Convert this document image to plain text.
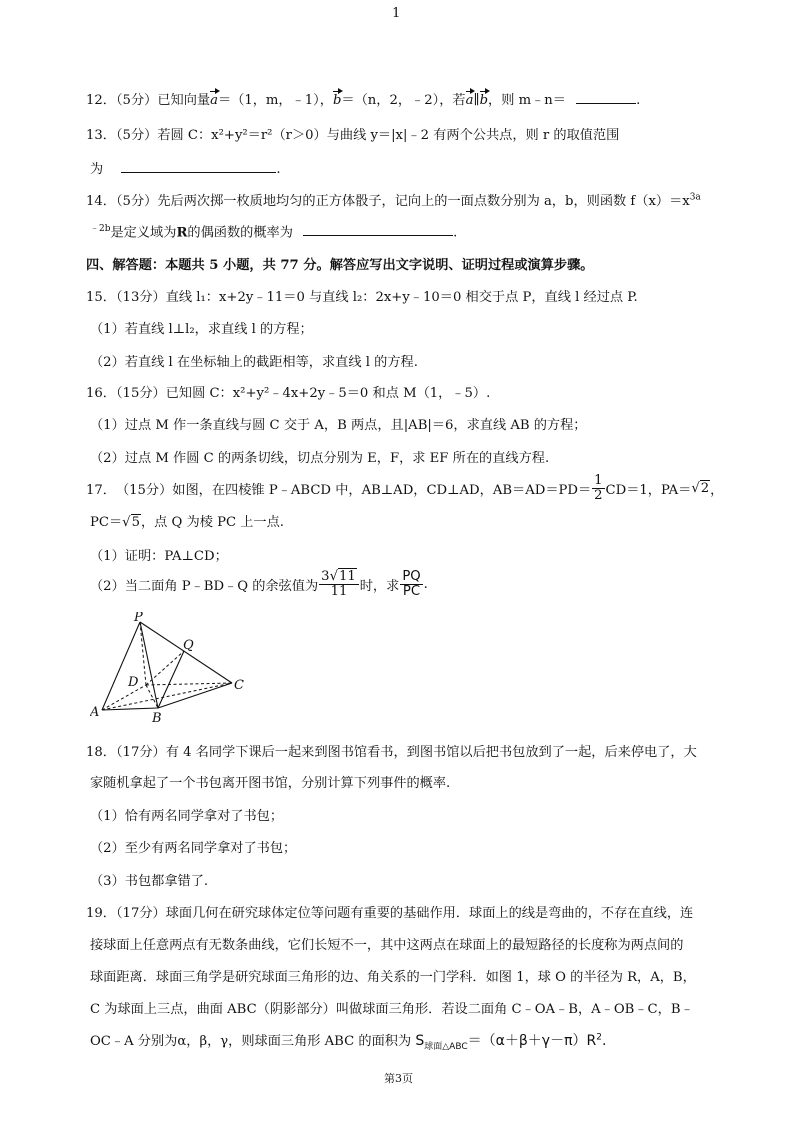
1
12．（5分）已知向量a＝（1，m，﹣1），b＝（n，2，﹣2），若a∥b，则 m﹣n＝	.
13．（5分）若圆 C：x²+y²＝r²（r＞0）与曲线 y＝|x|﹣2 有两个公共点，则 r 的取值范围
为	.
14．（5分）先后两次掷一枚质地均匀的正方体骰子，记向上的一面点数分别为 a，b，则函数 $f(x)=x^{3a}$
$^{﹣2b}$是定义域为R的偶函数的概率为	.
四、解答题：本题共 5 小题，共 77 分。解答应写出文字说明、证明过程或演算步骤。
15．（13分）直线 l₁：x+2y﹣11＝0 与直线 l₂：2x+y﹣10＝0 相交于点 P，直线 l 经过点 P.
（1）若直线 l⊥l₂，求直线 l 的方程；
（2）若直线 l 在坐标轴上的截距相等，求直线 l 的方程.
16．（15分）已知圆 C：x²+y²﹣4x+2y﹣5＝0 和点 M（1，﹣5）.
（1）过点 M 作一条直线与圆 C 交于 A，B 两点，且|AB|＝6，求直线 AB 的方程；
（2）过点 M 作圆 C 的两条切线，切点分别为 E，F，求 EF 所在的直线方程.
17． （15分）如图，在四棱锥 P﹣ABCD 中，AB⊥AD，CD⊥AD，$AB=AD=PD= \frac{1}{2} CD=1$，PA＝ √2 ，
PC＝√5，点 Q 为棱 PC 上一点.
（1）证明：PA⊥CD；
（2）当二面角 P﹣BD﹣Q 的余弦值为 $\frac{3√11}{11}$ 时，求 $\frac{PQ}{PC}$ .
P
Q
D	C
A	B
18．（17分）有 4 名同学下课后一起来到图书馆看书，到图书馆以后把书包放到了一起，后来停电了，大
家随机拿起了一个书包离开图书馆，分别计算下列事件的概率.
（1）恰有两名同学拿对了书包；
（2）至少有两名同学拿对了书包；
（3）书包都拿错了.
19．（17分）球面几何在研究球体定位等问题有重要的基础作用．球面上的线是弯曲的，不存在直线，连
接球面上任意两点有无数条曲线，它们长短不一，其中这两点在球面上的最短路径的长度称为两点间的
球面距离．球面三角学是研究球面三角形的边、角关系的一门学科．如图 1，球 O 的半径为 R，A，B，
C 为球面上三点，曲面 ABC（阴影部分）叫做球面三角形．若设二面角 C﹣OA﹣B，A﹣OB﹣C，B﹣
OC﹣A 分别为α，β，γ，则球面三角形 ABC 的面积为 $S_{球面\triangle ABC}=(\alpha+\beta+\gamma-\pi)R^2$.
第3页
